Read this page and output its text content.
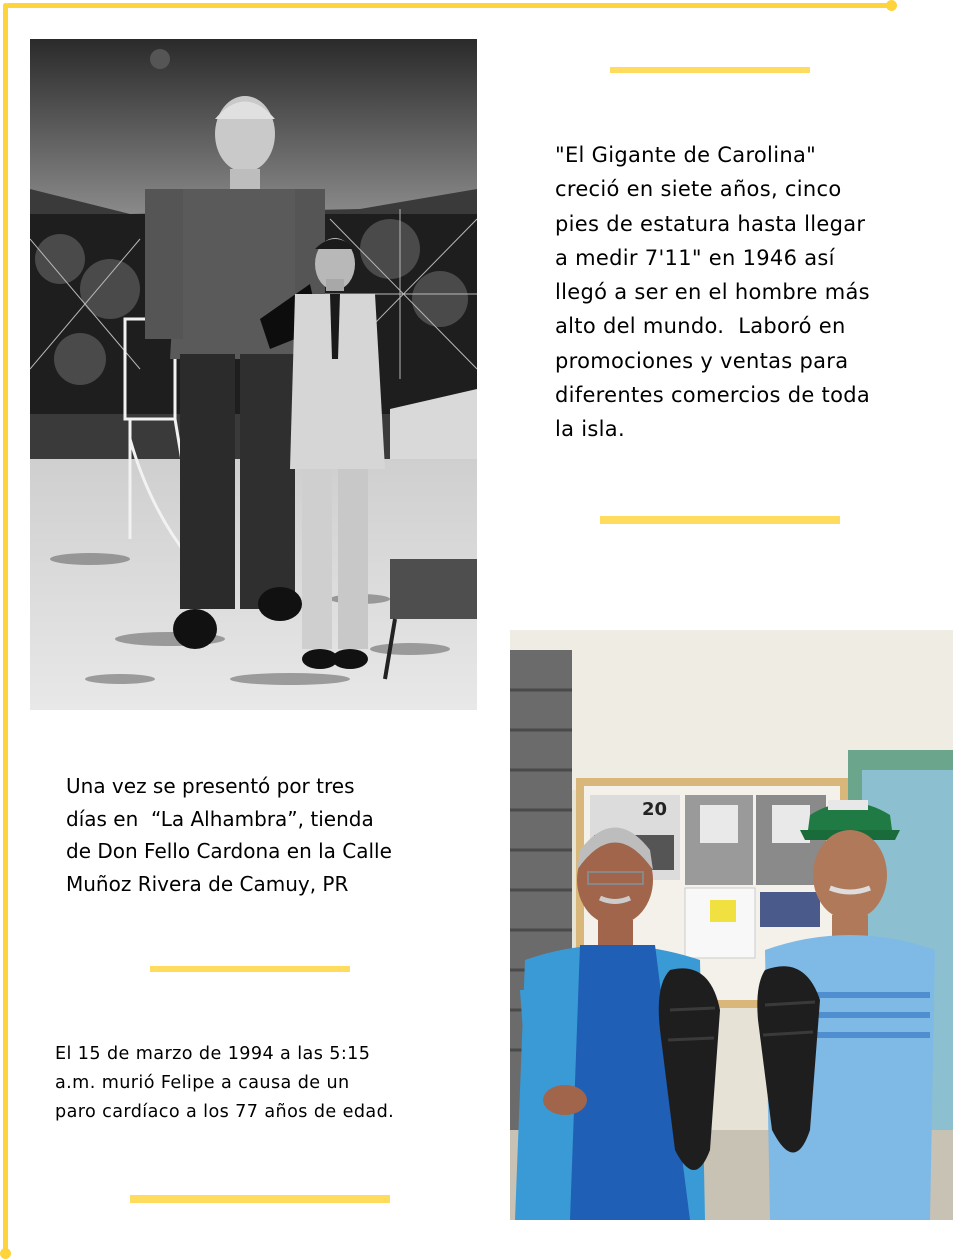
"El Gigante de Carolina"
creció en siete años, cinco
pies de estatura hasta llegar
a medir 7'11" en 1946 así
llegó a ser en el hombre más
alto del mundo.  Laboró en
promociones y ventas para
diferentes comercios de toda
la isla.
Una vez se presentó por tres
días en  “La Alhambra”, tienda
de Don Fello Cardona en la Calle
Muñoz Rivera de Camuy, PR
El 15 de marzo de 1994 a las 5:15
a.m. murió Felipe a causa de un
paro cardíaco a los 77 años de edad.
20
